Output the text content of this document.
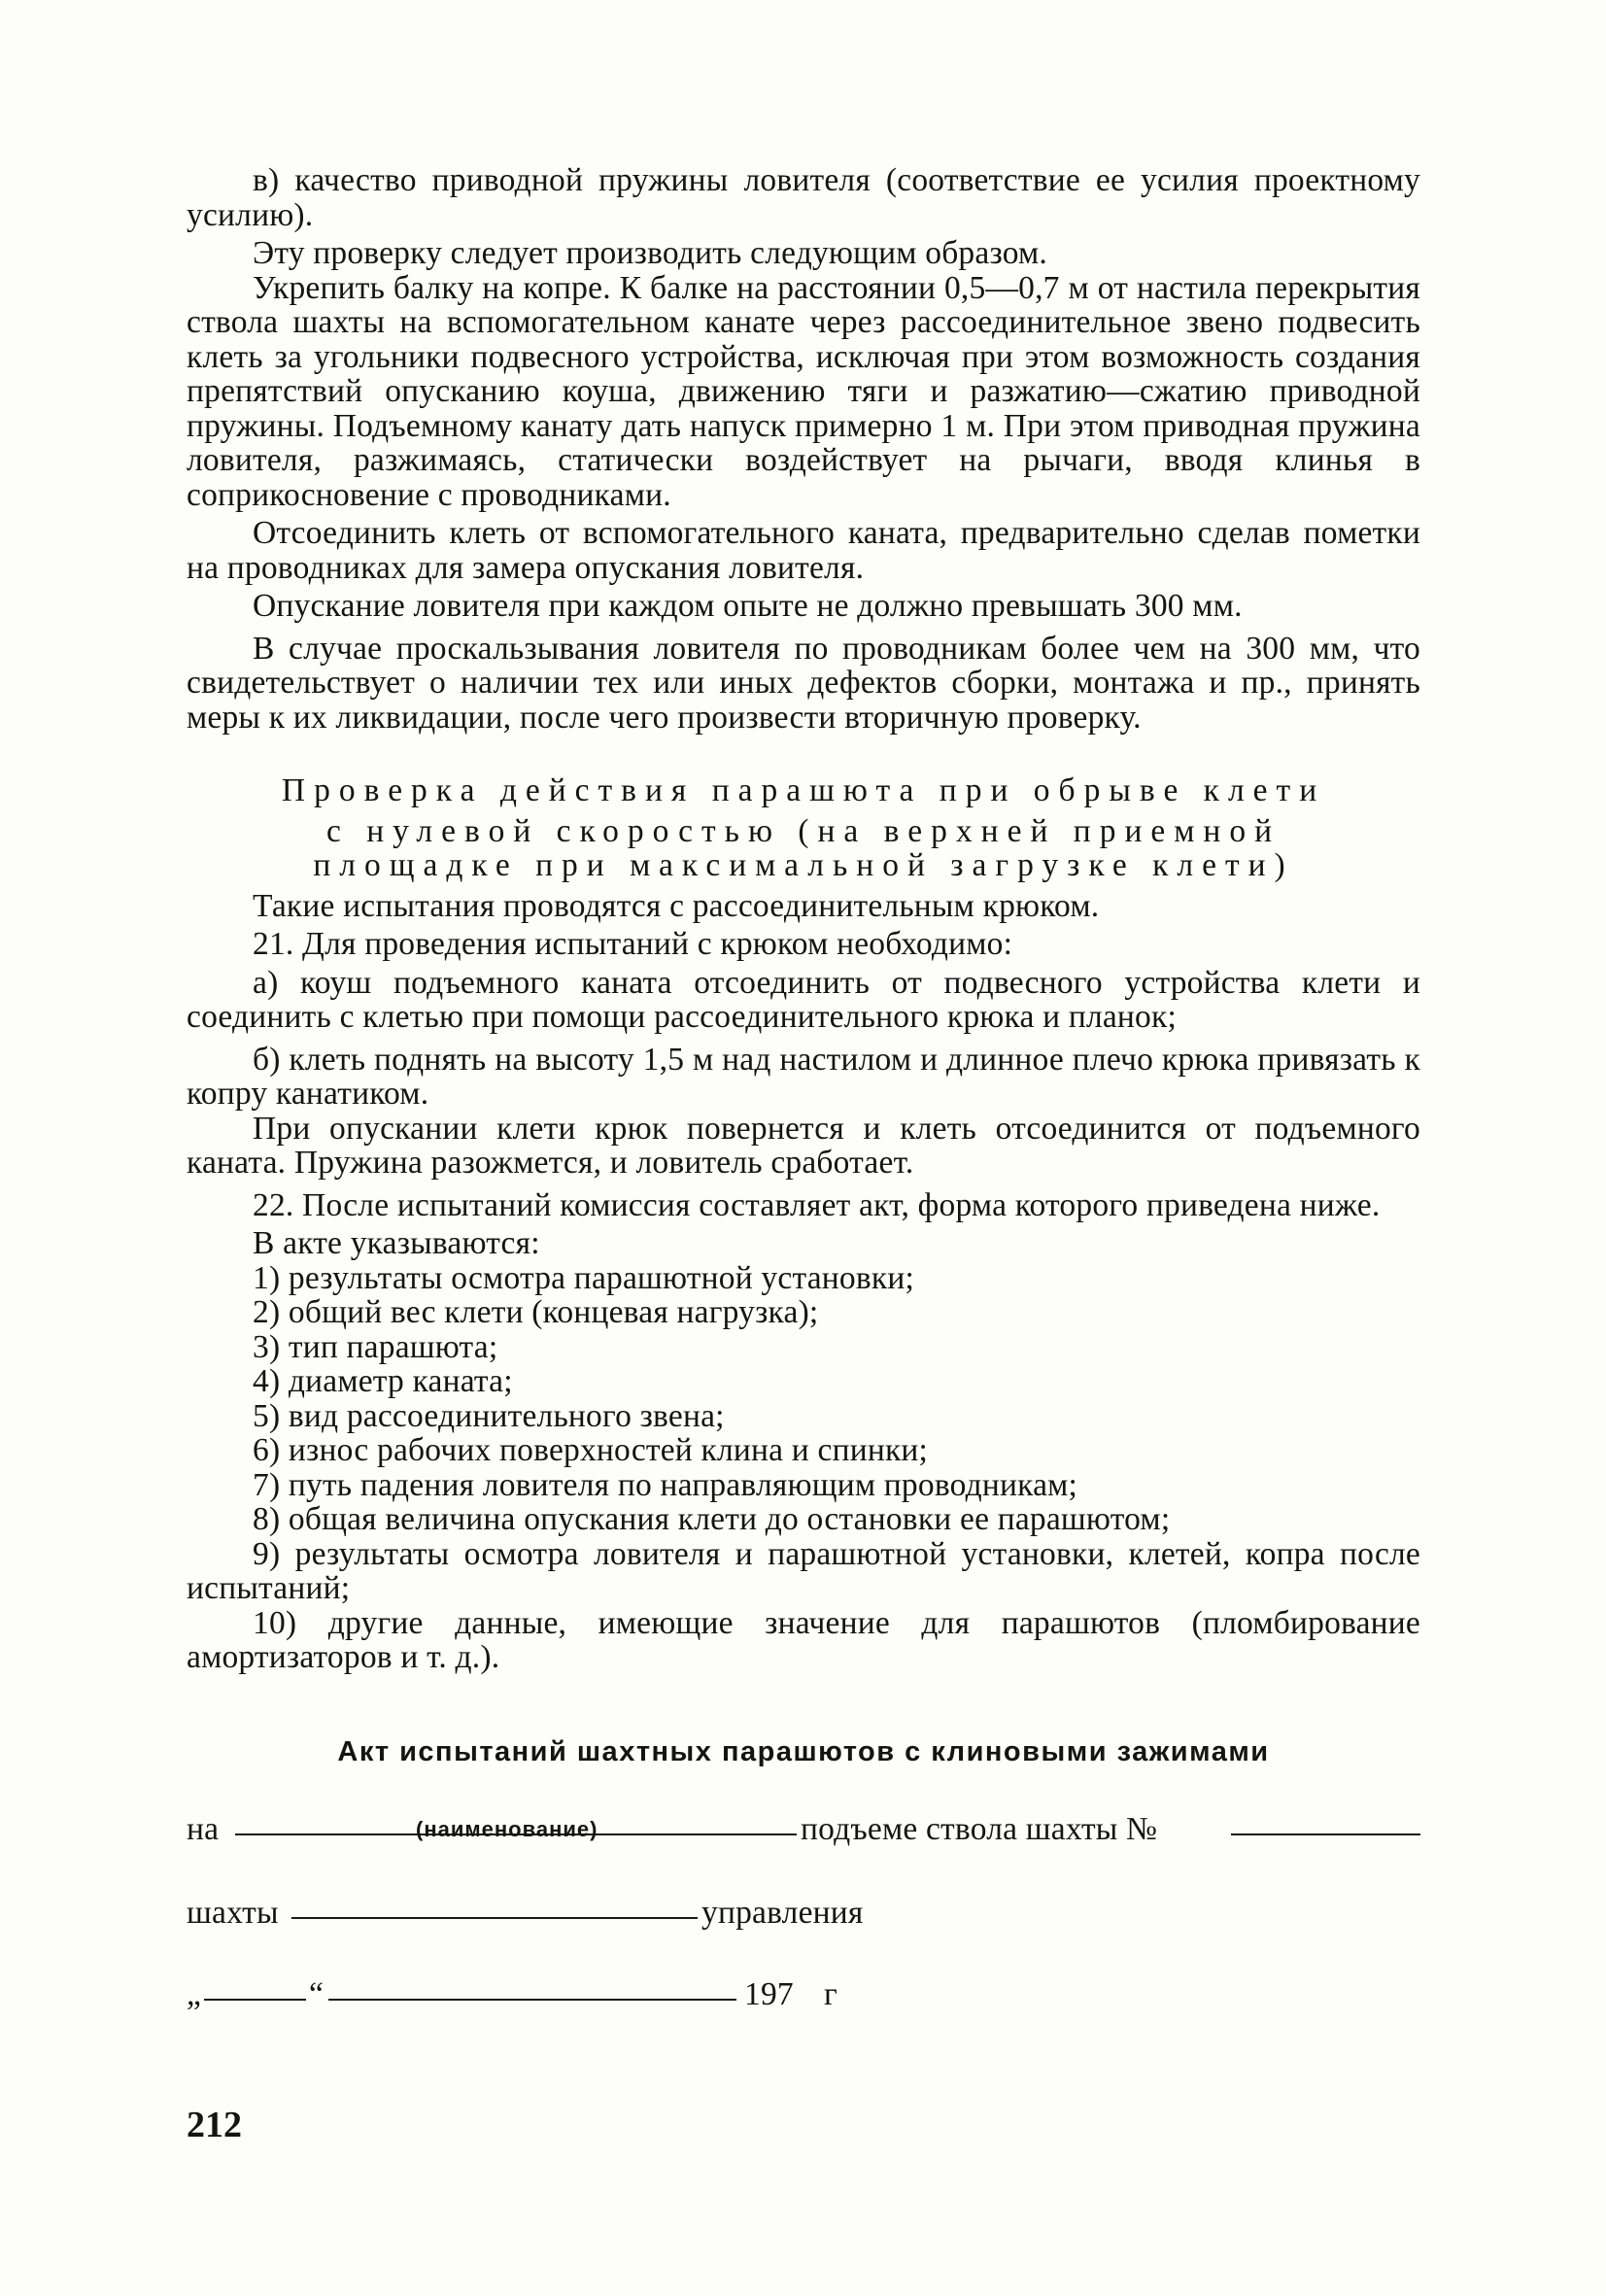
в) качество приводной пружины ловителя (соответствие ее усилия проектному усилию).

Эту проверку следует производить следующим образом.

Укрепить балку на копре. К балке на расстоянии 0,5—0,7 м от настила перекрытия ствола шахты на вспомогательном канате через рассоединительное звено подвесить клеть за угольники подвесного устройства, исключая при этом возможность создания препятствий опусканию коуша, движению тяги и разжатию—сжатию приводной пружины. Подъемному канату дать напуск примерно 1 м. При этом приводная пружина ловителя, разжимаясь, статически воздействует на рычаги, вводя клинья в соприкосновение с проводниками.

Отсоединить клеть от вспомогательного каната, предварительно сделав пометки на проводниках для замера опускания ловителя.

Опускание ловителя при каждом опыте не должно превышать 300 мм.

В случае проскальзывания ловителя по проводникам более чем на 300 мм, что свидетельствует о наличии тех или иных дефектов сборки, монтажа и пр., принять меры к их ликвидации, после чего произвести вторичную проверку.

Проверка действия парашюта при обрыве клети

с нулевой скоростью (на верхней приемной

площадке при максимальной загрузке клети)

Такие испытания проводятся с рассоединительным крюком.

21. Для проведения испытаний с крюком необходимо:

а) коуш подъемного каната отсоединить от подвесного устройства клети и соединить с клетью при помощи рассоединительного крюка и планок;

б) клеть поднять на высоту 1,5 м над настилом и длинное плечо крюка привязать к копру канатиком.

При опускании клети крюк повернется и клеть отсоединится от подъемного каната. Пружина разожмется, и ловитель сработает.

22. После испытаний комиссия составляет акт, форма которого приведена ниже.

В акте указываются:

1) результаты осмотра парашютной установки;

2) общий вес клети (концевая нагрузка);

3) тип парашюта;

4) диаметр каната;

5) вид рассоединительного звена;

6) износ рабочих поверхностей клина и спинки;

7) путь падения ловителя по направляющим проводникам;

8) общая величина опускания клети до остановки ее парашютом;

9) результаты осмотра ловителя и парашютной установки, клетей, копра после испытаний;

10) другие данные, имеющие значение для парашютов (пломбирование амортизаторов и т. д.).

Акт испытаний шахтных парашютов с клиновыми зажимами

на	(наименование)	подъеме ствола шахты №
шахты	управления
„	“	197 г
212
